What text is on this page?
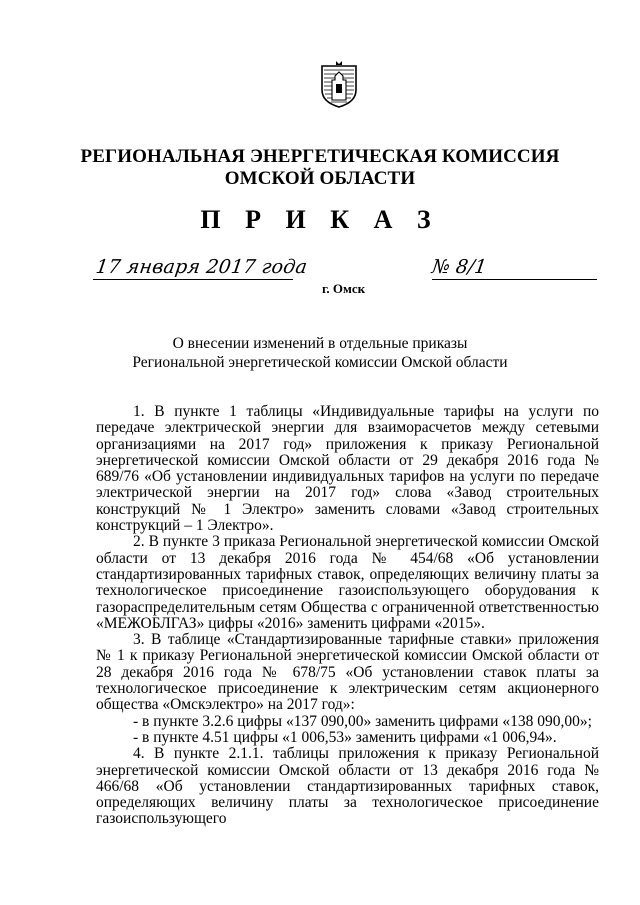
РЕГИОНАЛЬНАЯ ЭНЕРГЕТИЧЕСКАЯ КОМИССИЯ
ОМСКОЙ ОБЛАСТИ
П Р И К А З
17 января 2017 года
г. Омск
№ 8/1
О внесении изменений в отдельные приказы
Региональной энергетической комиссии Омской области

1. В пункте 1 таблицы «Индивидуальные тарифы на услуги по передаче электрической энергии для взаиморасчетов между сетевыми организациями на 2017 год» приложения к приказу Региональной энергетической комиссии Омской области от 29 декабря 2016 года № 689/76 «Об установлении индивидуальных тарифов на услуги по передаче электрической энергии на 2017 год» слова «Завод строительных конструкций № 1 Электро» заменить словами «Завод строительных конструкций – 1 Электро».

2. В пункте 3 приказа Региональной энергетической комиссии Омской области от 13 декабря 2016 года № 454/68 «Об установлении стандартизированных тарифных ставок, определяющих величину платы за технологическое присоединение газоиспользующего оборудования к газораспределительным сетям Общества с ограниченной ответственностью «МЕЖОБЛГАЗ» цифры «2016» заменить цифрами «2015».

3. В таблице «Стандартизированные тарифные ставки» приложения № 1 к приказу Региональной энергетической комиссии Омской области от 28 декабря 2016 года № 678/75 «Об установлении ставок платы за технологическое присоединение к электрическим сетям акционерного общества «Омскэлектро» на 2017 год»:

- в пункте 3.2.6 цифры «137 090,00» заменить цифрами «138 090,00»;

- в пункте 4.51 цифры «1 006,53» заменить цифрами «1 006,94».

4. В пункте 2.1.1. таблицы приложения к приказу Региональной энергетической комиссии Омской области от 13 декабря 2016 года № 466/68 «Об установлении стандартизированных тарифных ставок, определяющих величину платы за технологическое присоединение газоиспользующего
